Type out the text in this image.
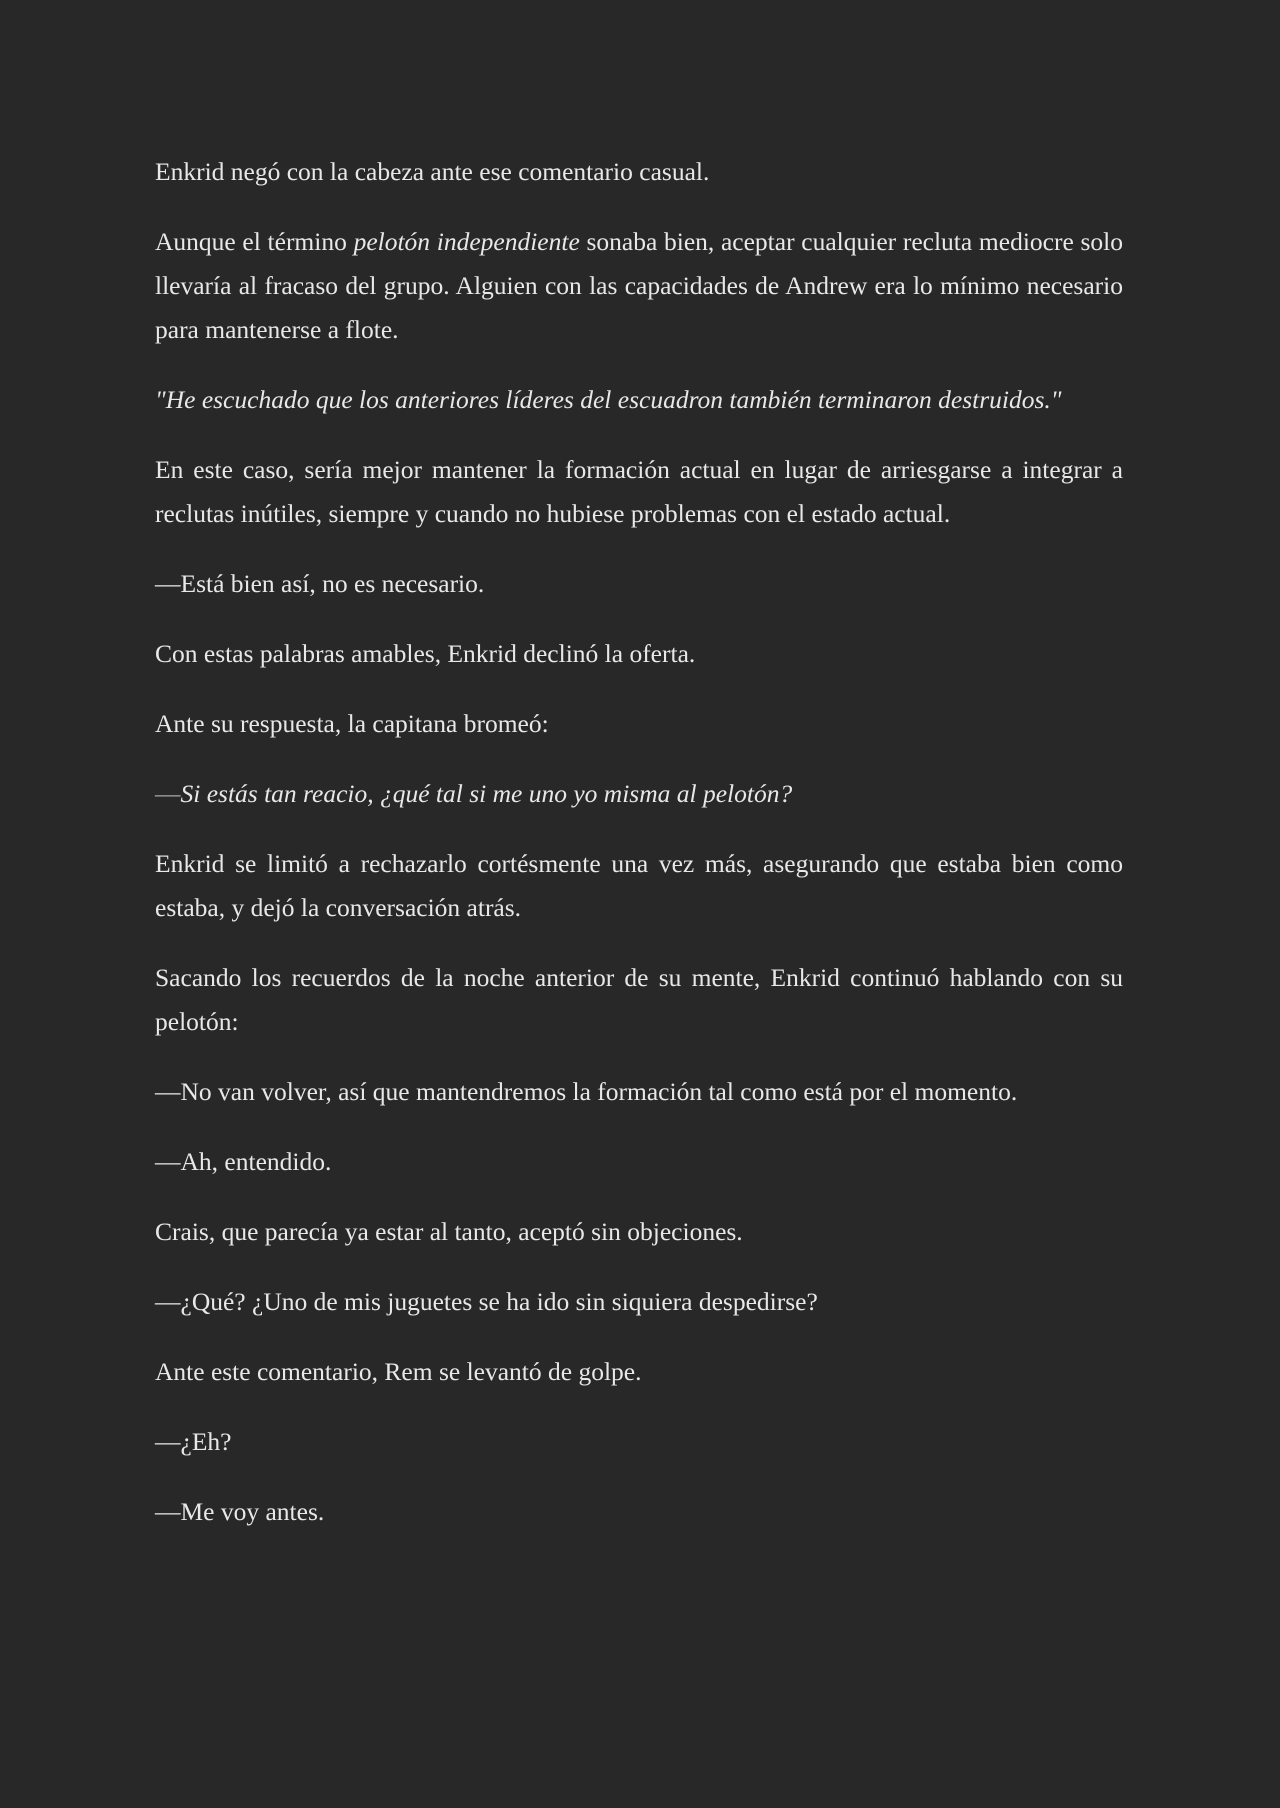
Enkrid negó con la cabeza ante ese comentario casual.

Aunque el término pelotón independiente sonaba bien, aceptar cualquier recluta mediocre solo llevaría al fracaso del grupo. Alguien con las capacidades de Andrew era lo mínimo necesario para mantenerse a flote.

"He escuchado que los anteriores líderes del escuadron también terminaron destruidos."

En este caso, sería mejor mantener la formación actual en lugar de arriesgarse a integrar a reclutas inútiles, siempre y cuando no hubiese problemas con el estado actual.

—Está bien así, no es necesario.

Con estas palabras amables, Enkrid declinó la oferta.

Ante su respuesta, la capitana bromeó:

—Si estás tan reacio, ¿qué tal si me uno yo misma al pelotón?

Enkrid se limitó a rechazarlo cortésmente una vez más, asegurando que estaba bien como estaba, y dejó la conversación atrás.

Sacando los recuerdos de la noche anterior de su mente, Enkrid continuó hablando con su pelotón:

—No van volver, así que mantendremos la formación tal como está por el momento.

—Ah, entendido.

Crais, que parecía ya estar al tanto, aceptó sin objeciones.

—¿Qué? ¿Uno de mis juguetes se ha ido sin siquiera despedirse?

Ante este comentario, Rem se levantó de golpe.

—¿Eh?

—Me voy antes.
